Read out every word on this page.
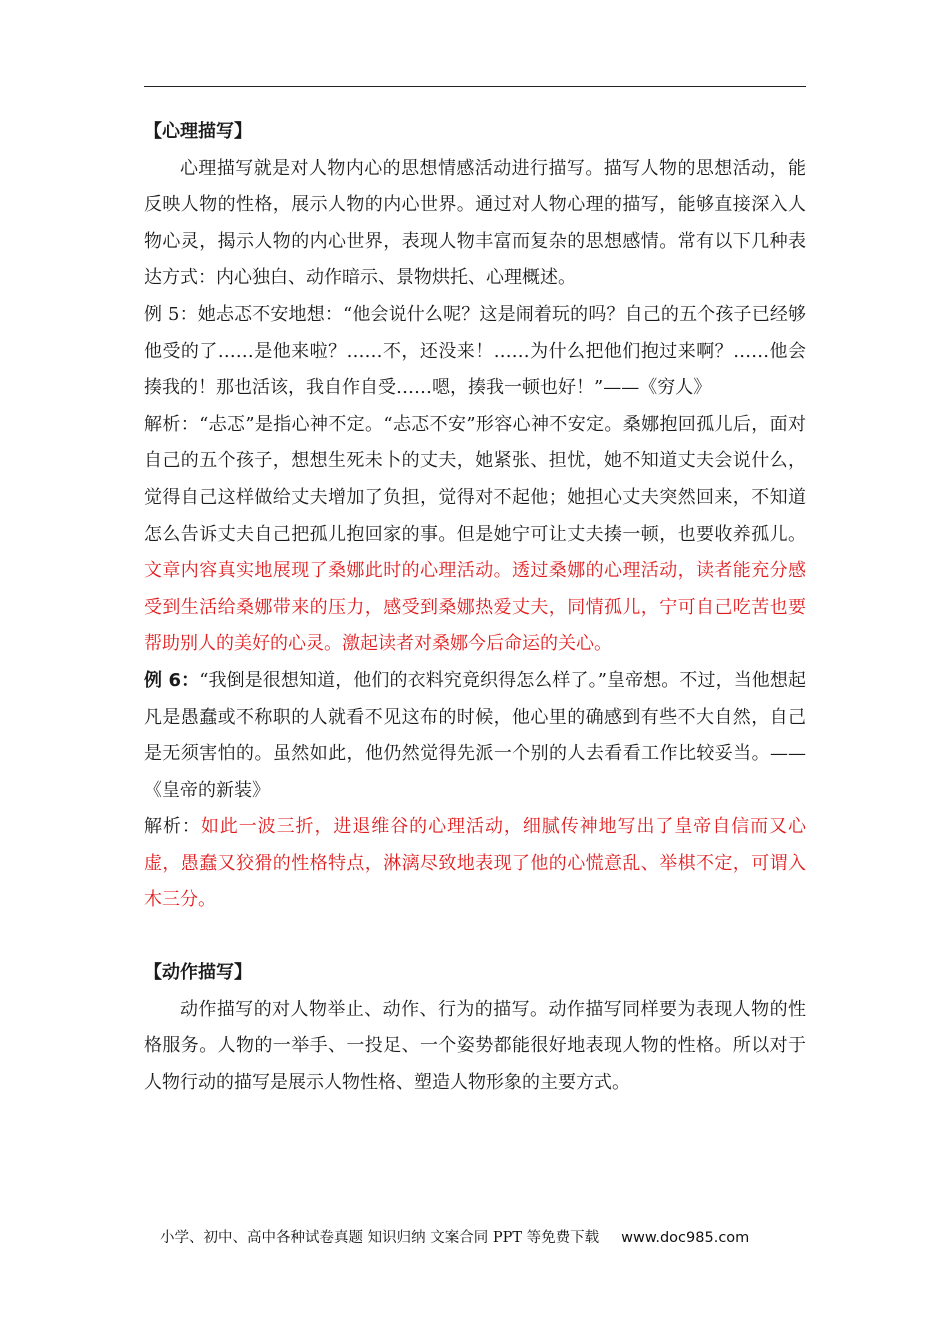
【心理描写】

心理描写就是对人物内心的思想情感活动进行描写。描写人物的思想活动，能反映人物的性格，展示人物的内心世界。通过对人物心理的描写，能够直接深入人物心灵，揭示人物的内心世界，表现人物丰富而复杂的思想感情。常有以下几种表达方式：内心独白、动作暗示、景物烘托、心理概述。

例 5：她忐忑不安地想：“他会说什么呢？这是闹着玩的吗？自己的五个孩子已经够他受的了……是他来啦？……不，还没来！……为什么把他们抱过来啊？……他会揍我的！那也活该，我自作自受……嗯，揍我一顿也好！”——《穷人》

解析：“忐忑”是指心神不定。“忐忑不安”形容心神不安定。桑娜抱回孤儿后，面对自己的五个孩子，想想生死未卜的丈夫，她紧张、担忧，她不知道丈夫会说什么，觉得自己这样做给丈夫增加了负担，觉得对不起他；她担心丈夫突然回来，不知道怎么告诉丈夫自己把孤儿抱回家的事。但是她宁可让丈夫揍一顿，也要收养孤儿。文章内容真实地展现了桑娜此时的心理活动。透过桑娜的心理活动，读者能充分感受到生活给桑娜带来的压力，感受到桑娜热爱丈夫，同情孤儿，宁可自己吃苦也要帮助别人的美好的心灵。激起读者对桑娜今后命运的关心。

例 6：“我倒是很想知道，他们的衣料究竟织得怎么样了。”皇帝想。不过，当他想起凡是愚蠢或不称职的人就看不见这布的时候，他心里的确感到有些不大自然，自己是无须害怕的。虽然如此，他仍然觉得先派一个别的人去看看工作比较妥当。——《皇帝的新装》

解析：如此一波三折，进退维谷的心理活动，细腻传神地写出了皇帝自信而又心虚，愚蠢又狡猾的性格特点，淋漓尽致地表现了他的心慌意乱、举棋不定，可谓入木三分。

【动作描写】

动作描写的对人物举止、动作、行为的描写。动作描写同样要为表现人物的性格服务。人物的一举手、一投足、一个姿势都能很好地表现人物的性格。所以对于人物行动的描写是展示人物性格、塑造人物形象的主要方式。

小学、初中、高中各种试卷真题 知识归纳 文案合同 PPT 等免费下载 www.doc985.com
